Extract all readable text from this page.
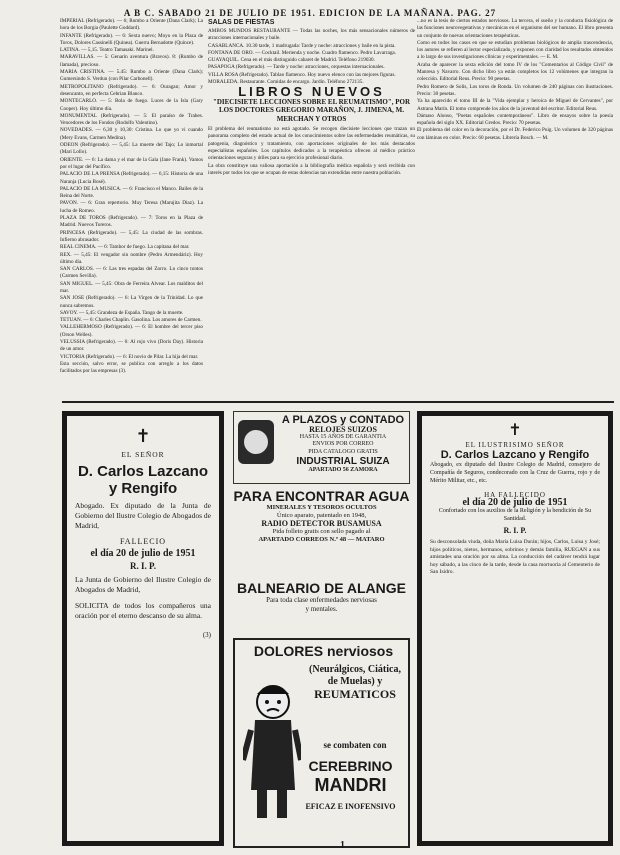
A B C. SABADO 21 DE JULIO DE 1951. EDICION DE LA MAÑANA. PAG. 27

IMPERIAL (Refrigerado). — 6; Rumbo a Oriente (Dana Clark); La hora de los Borgia (Paulette Goddard).

INFANTE (Refrigerado). — 6: Sexta nuevo; Moyo en la Plaza de Toros, Dolores Cassinelli (Quinea). Guerra Bernadotte (Quince).

LATINA. — 5,15. Teatro Tamasaki. Marinel.

MARAVILLAS. — 5: Genarin aventura (Bravos). 8: (Rumbo de llamada), precioso.

MARIA CRISTINA. — 5.45: Rumbo a Oriente (Dana Clark); Gumersindo S. Verdun (con Pilar Carbonell).

METROPOLITANO (Refrigerado). — 6: Ouragan; Amor y desencanto, en perfecta Cebrian Blanco.

MONTECARLO. — 5: Bola de fuego. Luces de la Isla (Gary Cooper). Hoy último día.

MONUMENTAL (Refrigerado). — 5: El paraíso de Trabes. Vencedores de los Fondos (Rodolfo Valentino).

NOVEDADES. — 6,30 y 10,30: Cristina. Lo que yo vi cuando (Mery Evans, Carmen Medina).

ODEON (Refrigerado). — 5,45: La muerte del Tajo; Lo inmortal (Mari Lollo).

ORIENTE. — 6: La dama y el mar de la Gala (Jane Frank). Vamos por el lugar del Pacífico.

PALACIO DE LA PRENSA (Refrigerado). — 6,15: Historia de una Naranja (Lucia Bosé).

PALACIO DE LA MUSICA. — 6: Francisco el Manco. Bailes de la Reina del Norte.

PAVON. — 6: Gran repertorio. Muy Teresa (Marujita Diaz). La lucha de Romeo.

PLAZA DE TOROS (Refrigerado). — 7: Toros en la Plaza de Madrid. Nuevos Toreros.

PRINCESA (Refrigerado). — 5,45: La ciudad de las sombras. Infierno abrasador.

REAL CINEMA. — 6: Tambor de fuego. La capitana del mar.

REX. — 5,45: El vengador sin nombre (Pedro Armendáriz). Hoy último día.

SAN CARLOS. — 6: Las tres espadas del Zorro. Lo cinco tontos (Carmen Sevilla).

SAN MIGUEL. — 5,45: Obra de Ferreira Alvear. Los malditos del mar.

SAN JOSE (Refrigerado). — 6: La Virgen de la Trinidad. Lo que nunca sabremos.

SAVOY. — 5,45: Grandeza de España. Tango de la muerte.

TETUAN. — 6: Charles Chaplin. Gasolina. Los amores de Carmen.

VALLEHERMOSO (Refrigerado). — 6: El hombre del tercer piso (Orson Welles).

VELUSSIA (Refrigerado). — 6: Al rojo vivo (Doris Day). Historia de un amor.

VICTORIA (Refrigerado). — 6: El novio de Pilar. La hija del mar.

Esta sección, salvo error, se publica con arreglo a los datos facilitados por las empresas (3).

SALAS DE FIESTAS

AMBOS MUNDOS RESTAURANTE — Todas las noches, los más sensacionales números de atracciones internacionales y baile.

CASABLANCA. 10.30 tarde, 1 madrugada: Tarde y noche: atracciones y baile en la pista.

FONTANA DE ORO. — Cocktail. Merienda y noche. Cuadro flamenco. Pedro Lavarraga.

GUAYAQUIL. Cena en el más distinguido cabaret de Madrid. Teléfono 219030.

PASAPOGA (Refrigerado). — Tarde y noche: atracciones, orquestas internacionales.

VILLA ROSA (Refrigerado). Tablao flamenco. Hoy nuevo elenco con las mejores figuras.

MORALEDA. Restaurante. Comidas de encargo. Jardín. Teléfono 272135.

LIBROS NUEVOS
"DIECISIETE LECCIONES SOBRE EL REUMATISMO", POR LOS DOCTORES GREGORIO MARAÑON, J. JIMENA, M. MERCHAN Y OTROS

El problema del reumatismo no está agotado. Se recogen diecisiete lecciones que trazan un panorama completo del estado actual de los conocimientos sobre las enfermedades reumáticas, su patogenia, diagnóstico y tratamiento, con aportaciones originales de los más destacados especialistas españoles. Los capítulos dedicados a la terapéutica ofrecen al médico práctico orientaciones seguras y útiles para su ejercicio profesional diario.

La obra constituye una valiosa aportación a la bibliografía médica española y será recibida con interés por todos los que se ocupan de estas dolencias tan extendidas entre nuestra población.

...no es la tesis de ciertos estados nerviosos. La tercera, el sueño y la conducta fisiológica de las funciones neurovegetativas y mecánicas en el organismo del ser humano. El libro presenta un conjunto de nuevas orientaciones terapéuticas.

Como en todos los casos en que se estudian problemas biológicos de amplia trascendencia, los autores se refieren al lector especializado, y exponen con claridad los resultados obtenidos a lo largo de sus investigaciones clínicas y experimentales. — E. M.

Acaba de aparecer la sexta edición del tomo IV de los "Comentarios al Código Civil" de Manresa y Navarro. Con dicho libro ya están completos los 12 volúmenes que integran la colección. Editorial Reus. Precio: 90 pesetas.

Pedro Romero de Solís, Los toros de Ronda. Un volumen de 240 páginas con ilustraciones. Precio: 30 pesetas.

Ya ha aparecido el tomo III de la "Vida ejemplar y heroica de Miguel de Cervantes", por Astrana Marín. El tomo comprende los años de la juventud del escritor. Editorial Reus.

Dámaso Alonso, "Poetas españoles contemporáneos". Libro de ensayos sobre la poesía española del siglo XX. Editorial Gredos. Precio: 70 pesetas.

El problema del color en la decoración, por el Dr. Federico Puig. Un volumen de 320 páginas con láminas en color. Precio: 60 pesetas. Librería Bosch. — M.

✝
EL SEÑOR
D. Carlos Lazcano y Rengifo
Abogado. Ex diputado de la Junta de Gobierno del Ilustre Colegio de Abogados de Madrid,
FALLECIO
el día 20 de julio de 1951
R. I. P.
La Junta de Gobierno del Ilustre Colegio de Abogados de Madrid,
SOLICITA de todos los compañeros una oración por el eterno descanso de su alma.
(3)
A PLAZOS y CONTADO
RELOJES SUIZOS
HASTA 15 AÑOS DE GARANTIA
ENVIOS POR CORREO
PIDA CATALOGO GRATIS
INDUSTRIAL SUIZA
APARTADO 56 ZAMORA
PARA ENCONTRAR AGUA
MINERALES Y TESOROS OCULTOS
Único aparato, patentado en 1948,
RADIO DETECTOR BUSAMUSA
Pida folleto gratis con sello pagado al
APARTADO CORREOS N.º 48 — MATARO
BALNEARIO DE ALANGE
Para toda clase enfermedades nerviosas
y mentales.
DOLORES nerviosos
(Neurálgicos, Ciática,
de Muelas) y
REUMATICOS
se combaten con
CEREBRINO
MANDRI
EFICAZ E INOFENSIVO
✝
EL ILUSTRISIMO SEÑOR
D. Carlos Lazcano y Rengifo
Abogado, ex diputado del Ilustre Colegio de Madrid, consejero de Compañía de Seguros, condecorado con la Cruz de Guerra, rojo y de Mérito Militar, etc., etc.
HA FALLECIDO
el día 20 de julio de 1951
Confortado con los auxilios de la Religión y la bendición de Su Santidad.
R. I. P.
Su desconsolada viuda, doña María Luisa Durán; hijos, Carlos, Luisa y José; hijos políticos, nietos, hermanos, sobrinos y demás familia, RUEGAN a sus amistades una oración por su alma. La conducción del cadáver tendrá lugar hoy sábado, a las cinco de la tarde, desde la casa mortuoria al Cementerio de San Isidro.
1
